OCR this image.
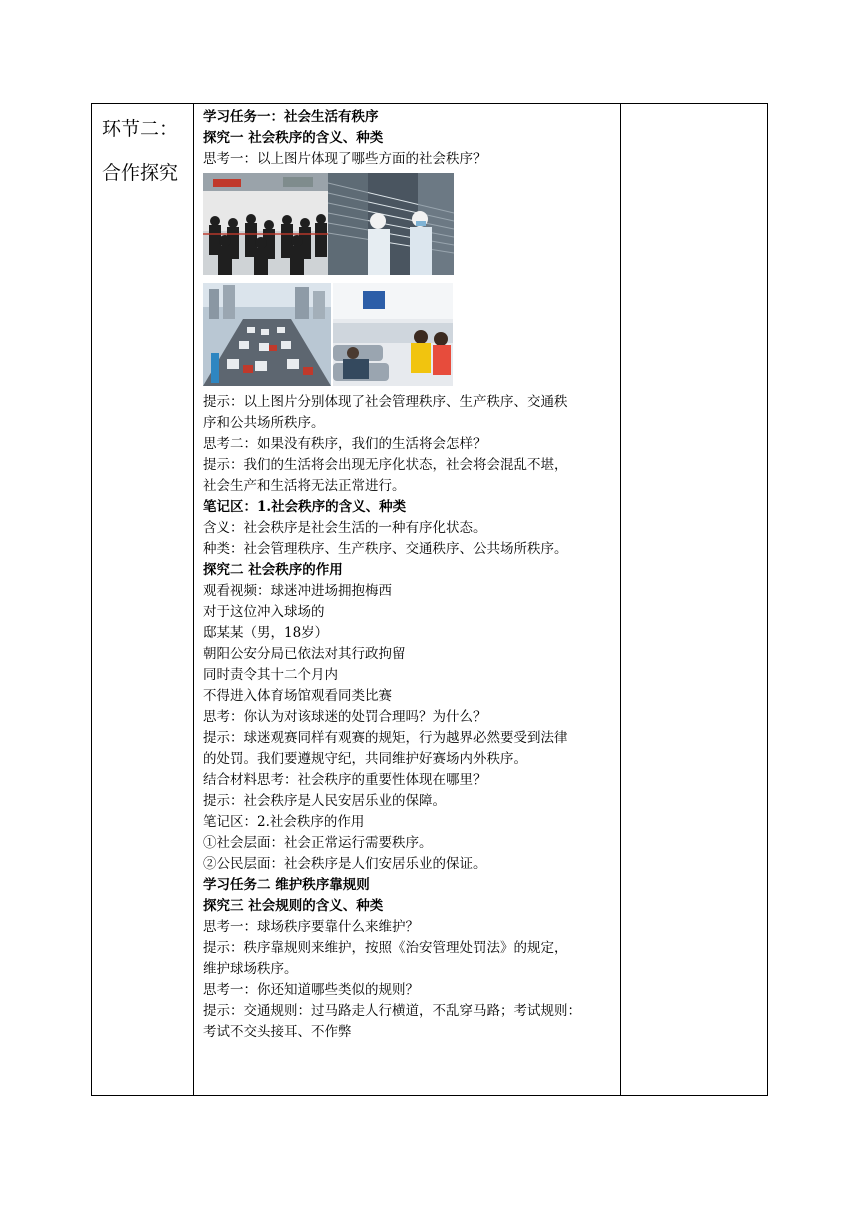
环节二：
合作探究
学习任务一：社会生活有秩序
探究一 社会秩序的含义、种类
思考一：以上图片体现了哪些方面的社会秩序？
提示：以上图片分别体现了社会管理秩序、生产秩序、交通秩
序和公共场所秩序。
思考二：如果没有秩序，我们的生活将会怎样？
提示：我们的生活将会出现无序化状态，社会将会混乱不堪，
社会生产和生活将无法正常进行。
笔记区：1.社会秩序的含义、种类
含义：社会秩序是社会生活的一种有序化状态。
种类：社会管理秩序、生产秩序、交通秩序、公共场所秩序。
探究二 社会秩序的作用
观看视频：球迷冲进场拥抱梅西
对于这位冲入球场的
邸某某（男，18岁）
朝阳公安分局已依法对其行政拘留
同时责令其十二个月内
不得进入体育场馆观看同类比赛
思考：你认为对该球迷的处罚合理吗？为什么？
提示：球迷观赛同样有观赛的规矩，行为越界必然要受到法律
的处罚。我们要遵规守纪，共同维护好赛场内外秩序。
结合材料思考：社会秩序的重要性体现在哪里？
提示：社会秩序是人民安居乐业的保障。
笔记区：2.社会秩序的作用
①社会层面：社会正常运行需要秩序。
②公民层面：社会秩序是人们安居乐业的保证。
学习任务二 维护秩序靠规则
探究三 社会规则的含义、种类
思考一：球场秩序要靠什么来维护？
提示：秩序靠规则来维护，按照《治安管理处罚法》的规定，
维护球场秩序。
思考一：你还知道哪些类似的规则？
提示：交通规则：过马路走人行横道，不乱穿马路；考试规则：
考试不交头接耳、不作弊
